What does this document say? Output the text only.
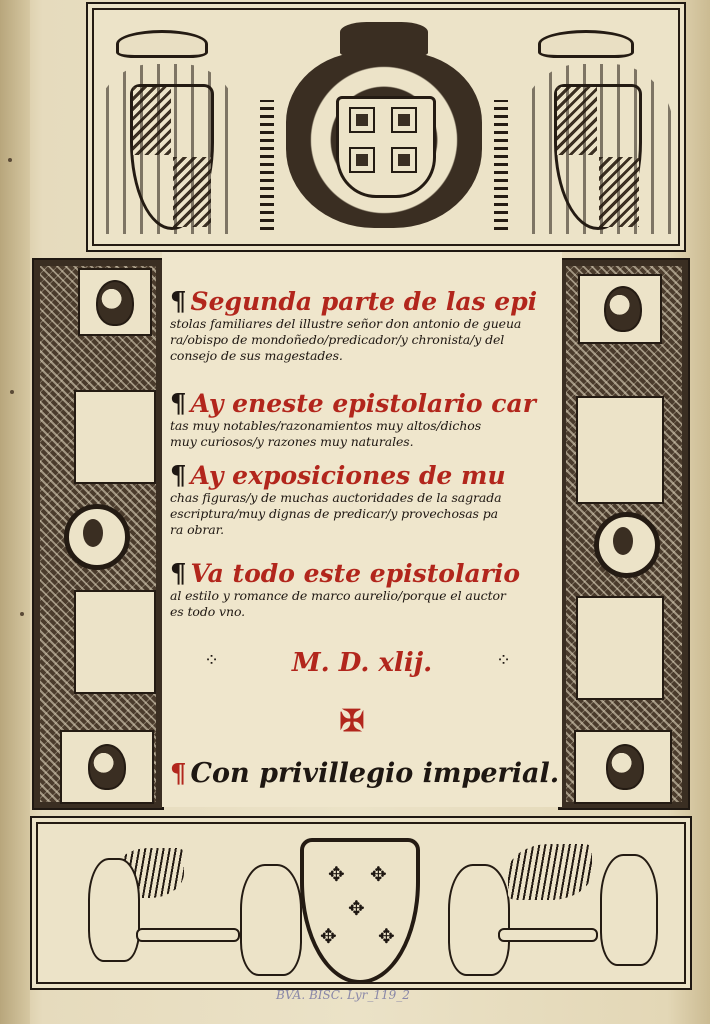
¶ Segunda parte de las epi
stolas familiares del illustre señor don antonio de gueua
ra/obispo de mondoñedo/predicador/y chronista/y del
consejo de sus magestades.
¶ Ay eneste epistolario car
tas muy notables/razonamientos muy altos/dichos
muy curiosos/y razones muy naturales.
¶ Ay exposiciones de mu
chas figuras/y de muchas auctoridades de la sagrada
escriptura/muy dignas de predicar/y provechosas pa
ra obrar.
¶ Va todo este epistolario
al estilo y romance de marco aurelio/porque el auctor
es todo vno.
⁘	⁘
M. D. xlij.
✠
¶ Con privillegio imperial.
✥ ✥
✥
✥ ✥
BVA. BISC. Lyr_119_2
